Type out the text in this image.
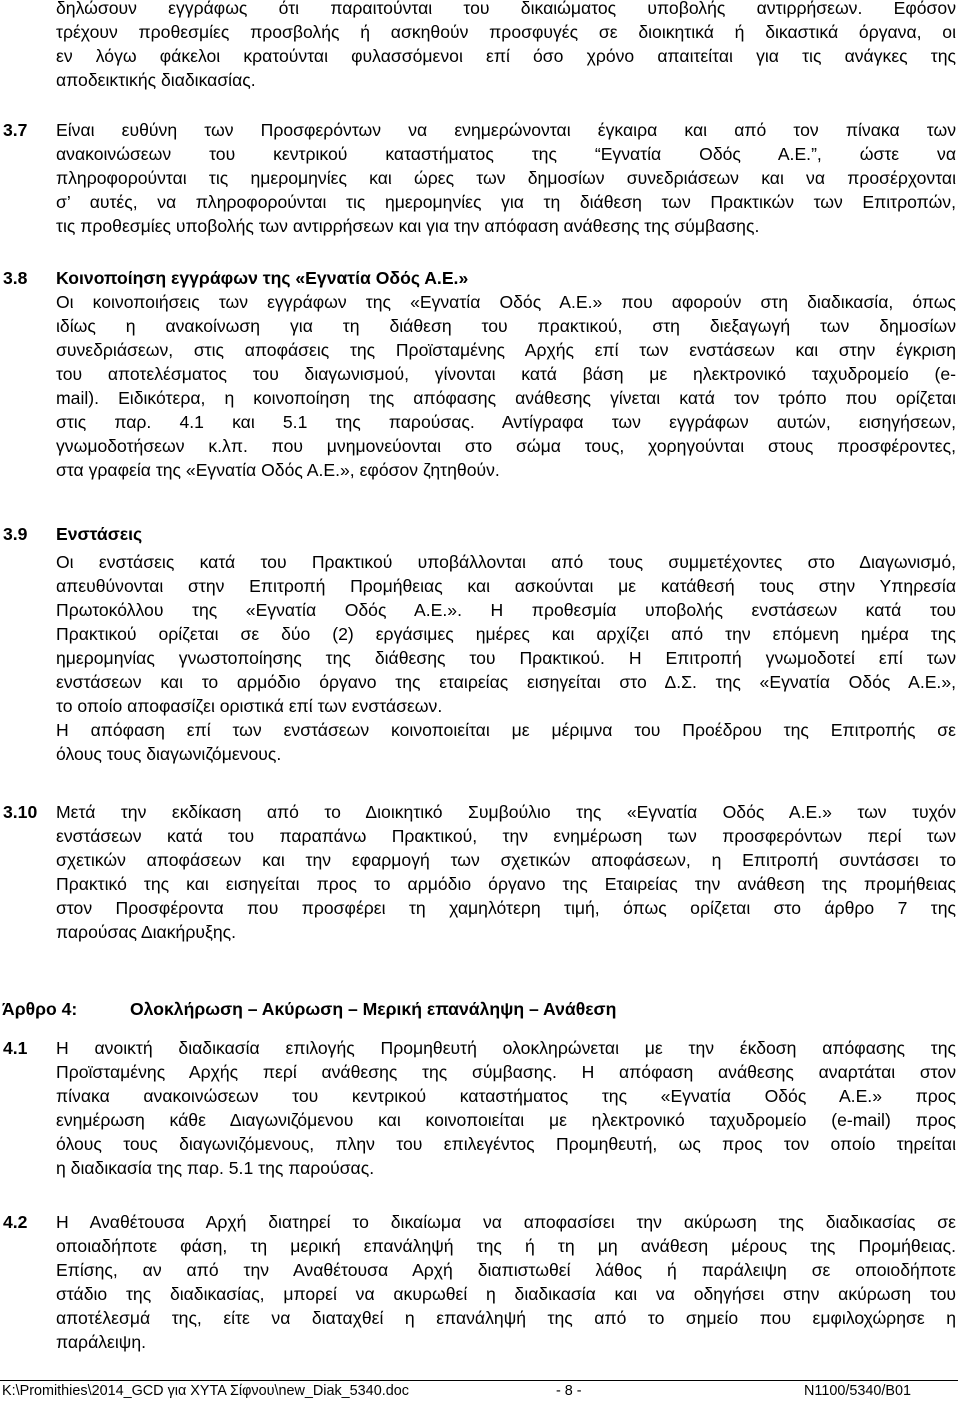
δηλώσουν εγγράφως ότι παραιτούνται του δικαιώματος υποβολής αντιρρήσεων. Εφόσον
τρέχουν προθεσμίες προσβολής ή ασκηθούν προσφυγές σε διοικητικά ή δικαστικά όργανα, οι
εν λόγω φάκελοι κρατούνται φυλασσόμενοι επί όσο χρόνο απαιτείται για τις ανάγκες της
αποδεικτικής διαδικασίας.
3.7 Είναι ευθύνη των Προσφερόντων να ενημερώνονται έγκαιρα και από τον πίνακα των
ανακοινώσεων του κεντρικού καταστήματος της “Εγνατία Οδός Α.Ε.”, ώστε να
πληροφορούνται τις ημερομηνίες και ώρες των δημοσίων συνεδριάσεων και να προσέρχονται
σ’ αυτές, να πληροφορούνται τις ημερομηνίες για τη διάθεση των Πρακτικών των Επιτροπών,
τις προθεσμίες υποβολής των αντιρρήσεων και για την απόφαση ανάθεσης της σύμβασης.
3.8 Κοινοποίηση εγγράφων της «Εγνατία Οδός Α.Ε.»
Οι κοινοποιήσεις των εγγράφων της «Εγνατία Οδός Α.Ε.» που αφορούν στη διαδικασία, όπως
ιδίως η ανακοίνωση για τη διάθεση του πρακτικού, στη διεξαγωγή των δημοσίων
συνεδριάσεων, στις αποφάσεις της Προϊσταμένης Αρχής επί των ενστάσεων και στην έγκριση
του αποτελέσματος του διαγωνισμού, γίνονται κατά βάση με ηλεκτρονικό ταχυδρομείο (e-
mail). Ειδικότερα, η κοινοποίηση της απόφασης ανάθεσης γίνεται κατά τον τρόπο που ορίζεται
στις παρ. 4.1 και 5.1 της παρούσας. Αντίγραφα των εγγράφων αυτών, εισηγήσεων,
γνωμοδοτήσεων κ.λπ. που μνημονεύονται στο σώμα τους, χορηγούνται στους προσφέροντες,
στα γραφεία της «Εγνατία Οδός Α.Ε.», εφόσον ζητηθούν.
3.9 Ενστάσεις
Οι ενστάσεις κατά του Πρακτικού υποβάλλονται από τους συμμετέχοντες στο Διαγωνισμό,
απευθύνονται στην Επιτροπή Προμήθειας και ασκούνται με κατάθεσή τους στην Υπηρεσία
Πρωτοκόλλου της «Εγνατία Οδός Α.Ε.». Η προθεσμία υποβολής ενστάσεων κατά του
Πρακτικού ορίζεται σε δύο (2) εργάσιμες ημέρες και αρχίζει από την επόμενη ημέρα της
ημερομηνίας γνωστοποίησης της διάθεσης του Πρακτικού. Η Επιτροπή γνωμοδοτεί επί των
ενστάσεων και το αρμόδιο όργανο της εταιρείας εισηγείται στο Δ.Σ. της «Εγνατία Οδός Α.Ε.»,
το οποίο αποφασίζει οριστικά επί των ενστάσεων.
Η απόφαση επί των ενστάσεων κοινοποιείται με μέριμνα του Προέδρου της Επιτροπής σε
όλους τους διαγωνιζόμενους.
3.10 Μετά την εκδίκαση από το Διοικητικό Συμβούλιο της «Εγνατία Οδός Α.Ε.» των τυχόν
ενστάσεων κατά του παραπάνω Πρακτικού, την ενημέρωση των προσφερόντων περί των
σχετικών αποφάσεων και την εφαρμογή των σχετικών αποφάσεων, η Επιτροπή συντάσσει το
Πρακτικό της και εισηγείται προς το αρμόδιο όργανο της Εταιρείας την ανάθεση της προμήθειας
στον Προσφέροντα που προσφέρει τη χαμηλότερη τιμή, όπως ορίζεται στο άρθρο 7 της
παρούσας Διακήρυξης.
Άρθρο 4:	Ολοκλήρωση – Ακύρωση – Μερική επανάληψη – Ανάθεση
4.1 Η ανοικτή διαδικασία επιλογής Προμηθευτή ολοκληρώνεται με την έκδοση απόφασης της
Προϊσταμένης Αρχής περί ανάθεσης της σύμβασης. Η απόφαση ανάθεσης αναρτάται στον
πίνακα ανακοινώσεων του κεντρικού καταστήματος της «Εγνατία Οδός Α.Ε.» προς
ενημέρωση κάθε Διαγωνιζόμενου και κοινοποιείται με ηλεκτρονικό ταχυδρομείο (e-mail) προς
όλους τους διαγωνιζόμενους, πλην του επιλεγέντος Προμηθευτή, ως προς τον οποίο τηρείται
η διαδικασία της παρ. 5.1 της παρούσας.
4.2 Η Αναθέτουσα Αρχή διατηρεί το δικαίωμα να αποφασίσει την ακύρωση της διαδικασίας σε
οποιαδήποτε φάση, τη μερική επανάληψή της ή τη μη ανάθεση μέρους της Προμήθειας.
Επίσης, αν από την Αναθέτουσα Αρχή διαπιστωθεί λάθος ή παράλειψη σε οποιοδήποτε
στάδιο της διαδικασίας, μπορεί να ακυρωθεί η διαδικασία και να οδηγήσει στην ακύρωση του
αποτέλεσμά της, είτε να διαταχθεί η επανάληψή της από το σημείο που εμφιλοχώρησε η
παράλειψη.
K:\Promithies\2014_GCD για ΧΥΤΑ Σίφνου\new_Diak_5340.doc	- 8 -	N1100/5340/B01
